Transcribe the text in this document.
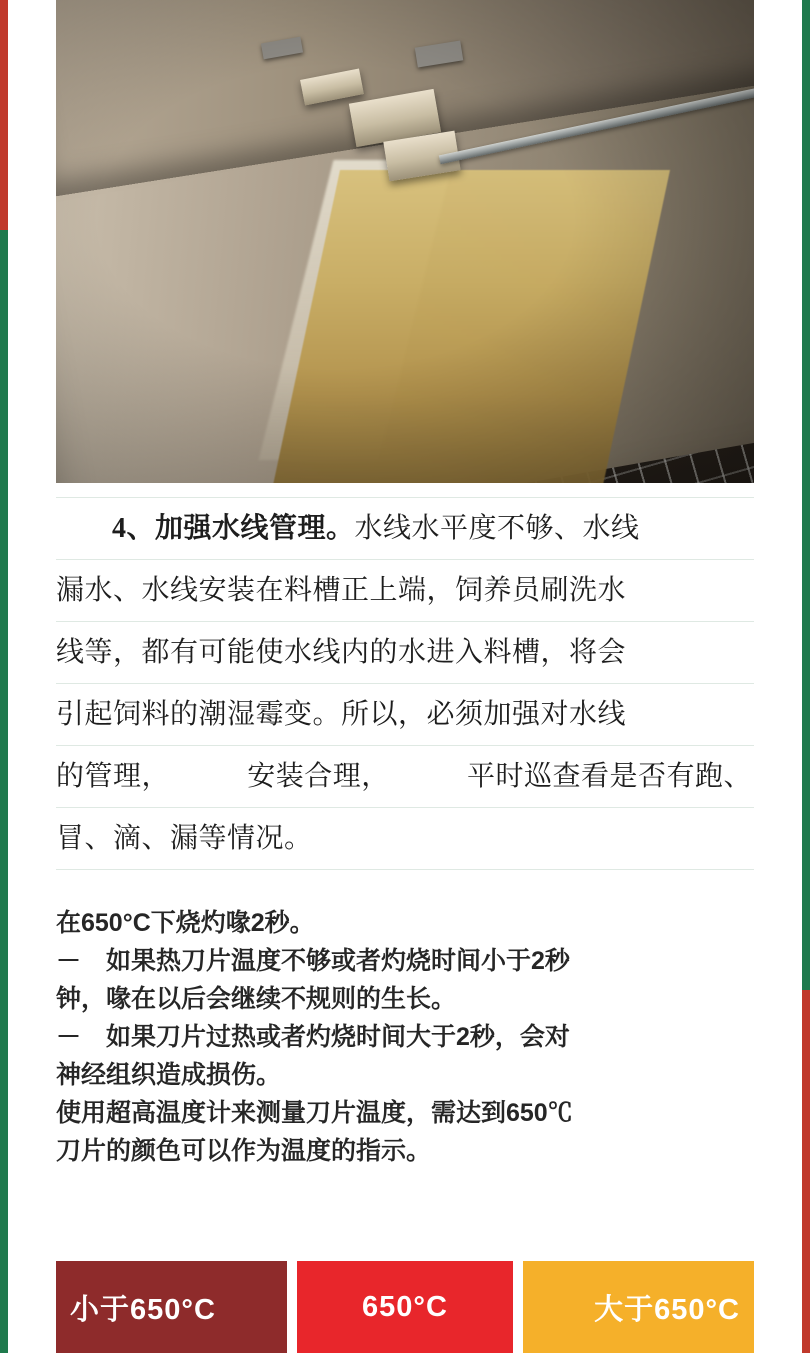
4、加强水线管理。水线水平度不够、水线
漏水、水线安装在料槽正上端，饲养员刷洗水
线等，都有可能使水线内的水进入料槽，将会
引起饲料的潮湿霉变。所以，必须加强对水线
的管理，	安装合理，	平时巡查看是否有跑、
冒、滴、漏等情况。
在650°C下烧灼喙2秒。
－　如果热刀片温度不够或者灼烧时间小于2秒
钟，喙在以后会继续不规则的生长。
－　如果刀片过热或者灼烧时间大于2秒，会对
神经组织造成损伤。
使用超高温度计来测量刀片温度，需达到650℃
刀片的颜色可以作为温度的指示。
小于650°C	650°C	大于650°C
